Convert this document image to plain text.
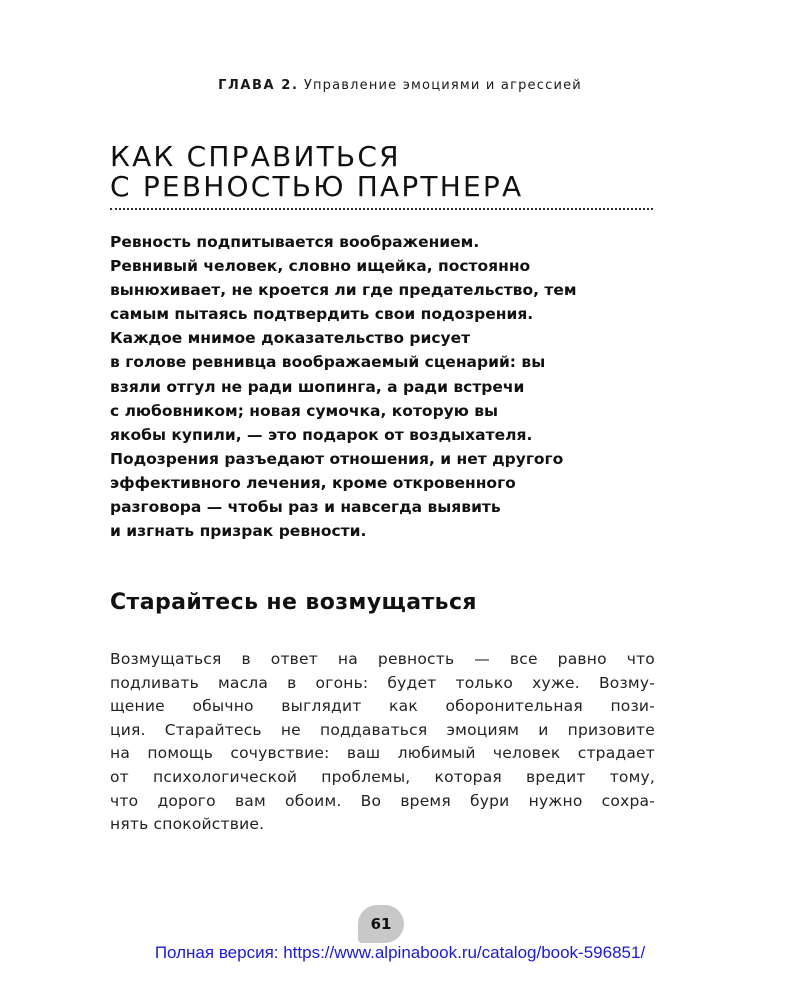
ГЛАВА 2. Управление эмоциями и агрессией
КАК СПРАВИТЬСЯ
С РЕВНОСТЬЮ ПАРТНЕРА
Ревность подпитывается воображением.
Ревнивый человек, словно ищейка, постоянно
вынюхивает, не кроется ли где предательство, тем
самым пытаясь подтвердить свои подозрения.
Каждое мнимое доказательство рисует
в голове ревнивца воображаемый сценарий: вы
взяли отгул не ради шопинга, а ради встречи
с любовником; новая сумочка, которую вы
якобы купили, — это подарок от воздыхателя.
Подозрения разъедают отношения, и нет другого
эффективного лечения, кроме откровенного
разговора — чтобы раз и навсегда выявить
и изгнать призрак ревности.
Старайтесь не возмущаться
Возмущаться в ответ на ревность — все равно что
подливать масла в огонь: будет только хуже. Возму-
щение обычно выглядит как оборонительная пози-
ция. Старайтесь не поддаваться эмоциям и призовите
на помощь сочувствие: ваш любимый человек страдает
от психологической проблемы, которая вредит тому,
что дорого вам обоим. Во время бури нужно сохра-
нять спокойствие.
61
Полная версия: https://www.alpinabook.ru/catalog/book-596851/
